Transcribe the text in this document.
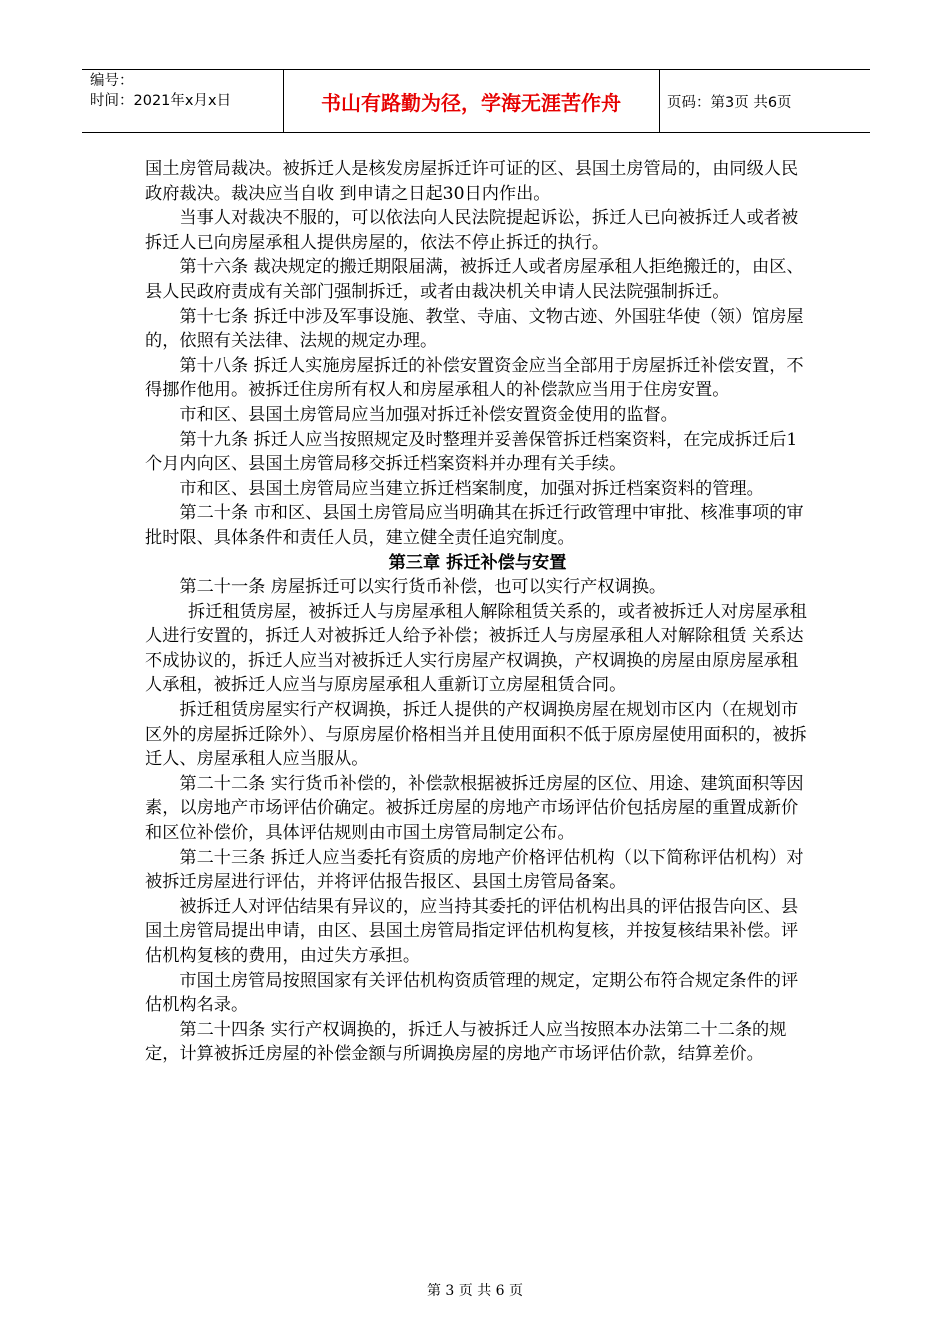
编号：
时间：2021年x月x日	书山有路勤为径，学海无涯苦作舟	页码：第3页 共6页

国土房管局裁决。被拆迁人是核发房屋拆迁许可证的区、县国土房管局的，由同级人民政府裁决。裁决应当自收 到申请之日起30日内作出。

当事人对裁决不服的，可以依法向人民法院提起诉讼，拆迁人已向被拆迁人或者被拆迁人已向房屋承租人提供房屋的，依法不停止拆迁的执行。

第十六条 裁决规定的搬迁期限届满，被拆迁人或者房屋承租人拒绝搬迁的，由区、县人民政府责成有关部门强制拆迁，或者由裁决机关申请人民法院强制拆迁。

第十七条 拆迁中涉及军事设施、教堂、寺庙、文物古迹、外国驻华使（领）馆房屋的，依照有关法律、法规的规定办理。

第十八条 拆迁人实施房屋拆迁的补偿安置资金应当全部用于房屋拆迁补偿安置，不得挪作他用。被拆迁住房所有权人和房屋承租人的补偿款应当用于住房安置。

市和区、县国土房管局应当加强对拆迁补偿安置资金使用的监督。

第十九条 拆迁人应当按照规定及时整理并妥善保管拆迁档案资料，在完成拆迁后1个月内向区、县国土房管局移交拆迁档案资料并办理有关手续。

市和区、县国土房管局应当建立拆迁档案制度，加强对拆迁档案资料的管理。

第二十条 市和区、县国土房管局应当明确其在拆迁行政管理中审批、核准事项的审批时限、具体条件和责任人员，建立健全责任追究制度。

第三章 拆迁补偿与安置

第二十一条 房屋拆迁可以实行货币补偿，也可以实行产权调换。

拆迁租赁房屋，被拆迁人与房屋承租人解除租赁关系的，或者被拆迁人对房屋承租人进行安置的，拆迁人对被拆迁人给予补偿；被拆迁人与房屋承租人对解除租赁 关系达不成协议的，拆迁人应当对被拆迁人实行房屋产权调换，产权调换的房屋由原房屋承租人承租，被拆迁人应当与原房屋承租人重新订立房屋租赁合同。

拆迁租赁房屋实行产权调换，拆迁人提供的产权调换房屋在规划市区内（在规划市区外的房屋拆迁除外）、与原房屋价格相当并且使用面积不低于原房屋使用面积的，被拆迁人、房屋承租人应当服从。

第二十二条 实行货币补偿的，补偿款根据被拆迁房屋的区位、用途、建筑面积等因素，以房地产市场评估价确定。被拆迁房屋的房地产市场评估价包括房屋的重置成新价和区位补偿价，具体评估规则由市国土房管局制定公布。

第二十三条 拆迁人应当委托有资质的房地产价格评估机构（以下简称评估机构）对被拆迁房屋进行评估，并将评估报告报区、县国土房管局备案。

被拆迁人对评估结果有异议的，应当持其委托的评估机构出具的评估报告向区、县国土房管局提出申请，由区、县国土房管局指定评估机构复核，并按复核结果补偿。评估机构复核的费用，由过失方承担。

市国土房管局按照国家有关评估机构资质管理的规定，定期公布符合规定条件的评估机构名录。

第二十四条 实行产权调换的，拆迁人与被拆迁人应当按照本办法第二十二条的规定，计算被拆迁房屋的补偿金额与所调换房屋的房地产市场评估价款，结算差价。

第 3 页 共 6 页
